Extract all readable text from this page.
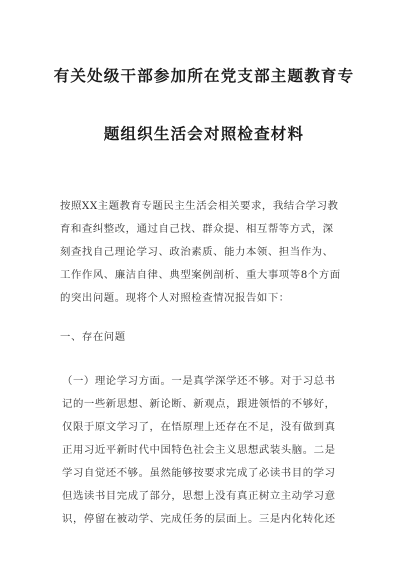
有关处级干部参加所在党支部主题教育专
题组织生活会对照检查材料
按照XX主题教育专题民主生活会相关要求，我结合学习教
育和查纠整改，通过自己找、群众提、相互帮等方式，深
刻查找自己理论学习、政治素质、能力本领、担当作为、
工作作风、廉洁自律、典型案例剖析、重大事项等8个方面
的突出问题。现将个人对照检查情况报告如下：
一、存在问题
（一）理论学习方面。一是真学深学还不够。对于习总书
记的一些新思想、新论断、新观点，跟进领悟的不够好，
仅限于原文学习了，在悟原理上还存在不足，没有做到真
正用习近平新时代中国特色社会主义思想武装头脑。二是
学习自觉还不够。虽然能够按要求完成了必读书目的学习
但选读书目完成了部分，思想上没有真正树立主动学习意
识，停留在被动学、完成任务的层面上。三是内化转化还
